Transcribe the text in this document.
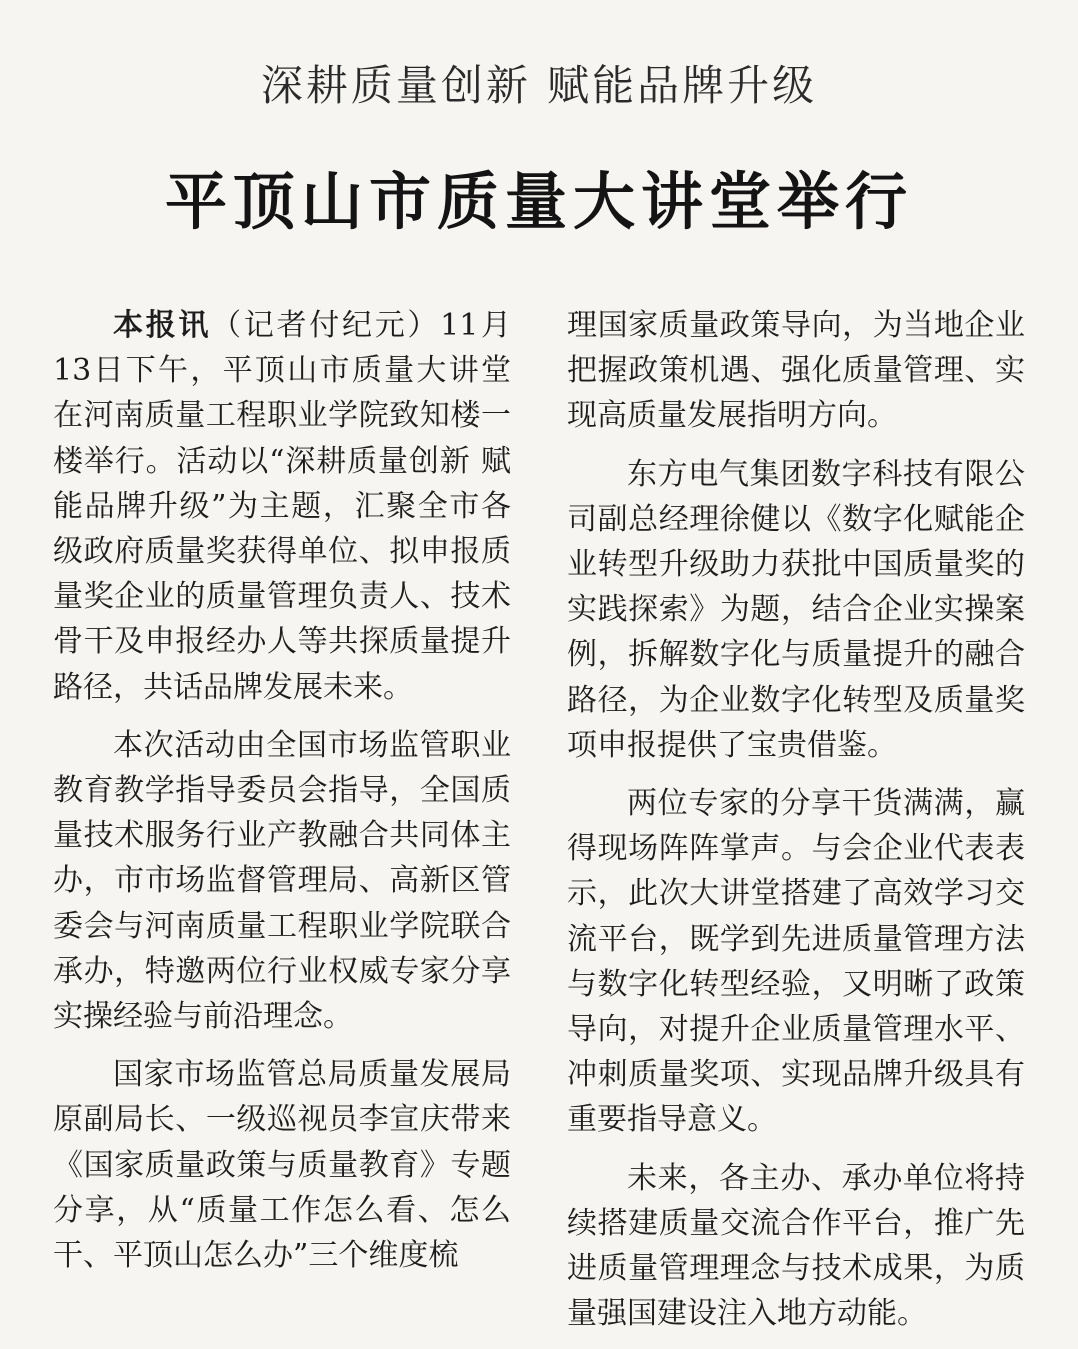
深耕质量创新 赋能品牌升级
平顶山市质量大讲堂举行

本报讯（记者付纪元）11月13日下午，平顶山市质量大讲堂在河南质量工程职业学院致知楼一楼举行。活动以“深耕质量创新 赋能品牌升级”为主题，汇聚全市各级政府质量奖获得单位、拟申报质量奖企业的质量管理负责人、技术骨干及申报经办人等共探质量提升路径，共话品牌发展未来。

本次活动由全国市场监管职业教育教学指导委员会指导，全国质量技术服务行业产教融合共同体主办，市市场监督管理局、高新区管委会与河南质量工程职业学院联合承办，特邀两位行业权威专家分享实操经验与前沿理念。

国家市场监管总局质量发展局原副局长、一级巡视员李宣庆带来《国家质量政策与质量教育》专题分享，从“质量工作怎么看、怎么干、平顶山怎么办”三个维度梳

理国家质量政策导向，为当地企业把握政策机遇、强化质量管理、实现高质量发展指明方向。

东方电气集团数字科技有限公司副总经理徐健以《数字化赋能企业转型升级助力获批中国质量奖的实践探索》为题，结合企业实操案例，拆解数字化与质量提升的融合路径，为企业数字化转型及质量奖项申报提供了宝贵借鉴。

两位专家的分享干货满满，赢得现场阵阵掌声。与会企业代表表示，此次大讲堂搭建了高效学习交流平台，既学到先进质量管理方法与数字化转型经验，又明晰了政策导向，对提升企业质量管理水平、冲刺质量奖项、实现品牌升级具有重要指导意义。

未来，各主办、承办单位将持续搭建质量交流合作平台，推广先进质量管理理念与技术成果，为质量强国建设注入地方动能。
